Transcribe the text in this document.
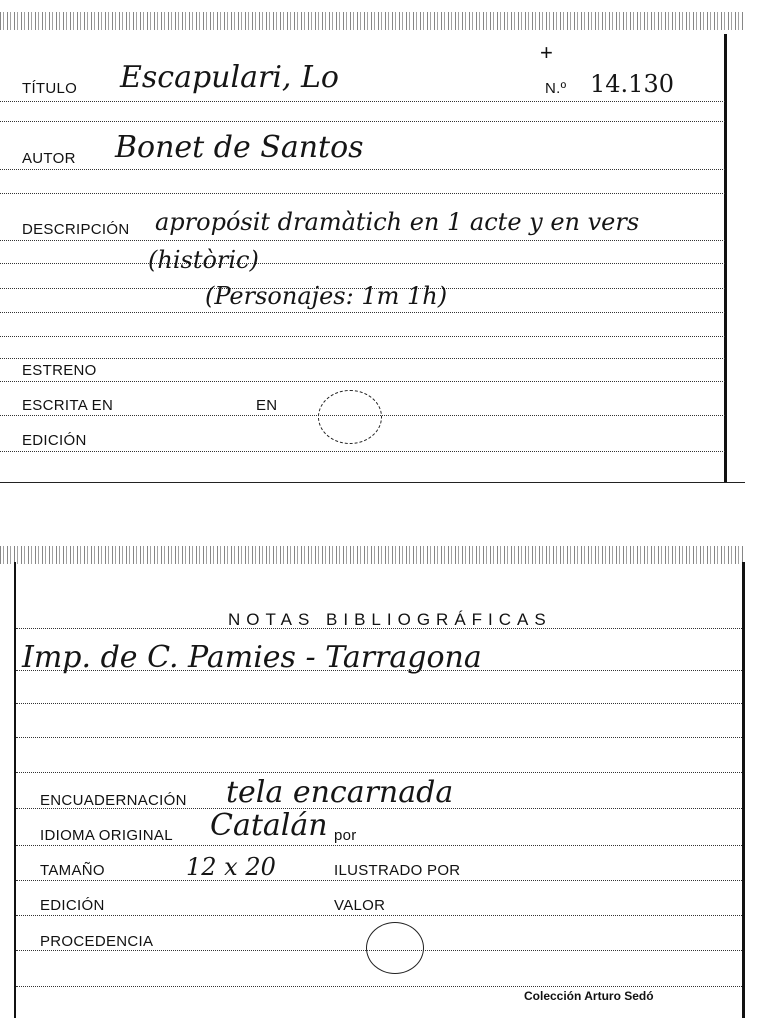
TÍTULO Escapulari, Lo
+
N.º 14.130
AUTOR Bonet de Santos
DESCRIPCIÓN apropósit dramàtich en 1 acte y en vers
(històric)
(Personajes: 1m 1h)
ESTRENO
ESCRITA EN	EN
EDICIÓN
NOTAS BIBLIOGRÁFICAS
Imp. de C. Pamies - Tarragona
ENCUADERNACIÓN tela encarnada
IDIOMA ORIGINAL Catalán por
TAMAÑO	12 x 20	ILUSTRADO POR
EDICIÓN	VALOR
PROCEDENCIA
Colección Arturo Sedó
